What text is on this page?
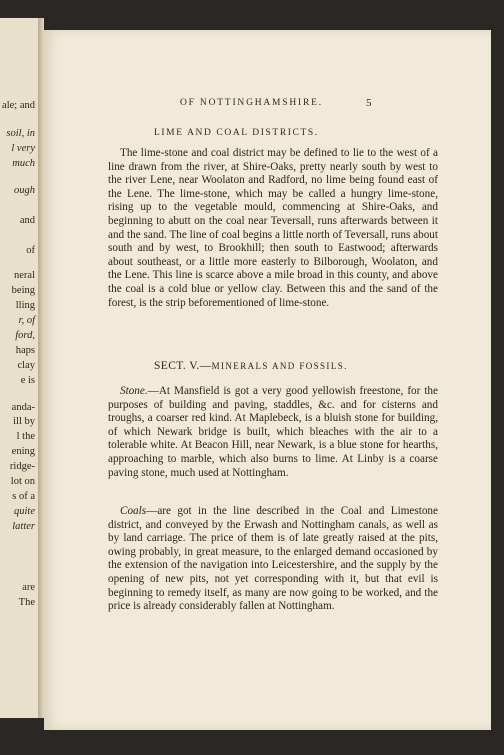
ale; and
soil, in
l very
much
ough
and
of
neral
being
lling
r, of
ford,
haps
clay
e is
anda-
ill by
l the
ening
ridge-
lot on
s of a
quite
latter
are
The
OF NOTTINGHAMSHIRE.	5
LIME AND COAL DISTRICTS.

The lime-stone and coal district may be defined to lie to the west of a line drawn from the river, at Shire-Oaks, pretty nearly south by west to the river Lene, near Woolaton and Radford, no lime being found east of the Lene. The lime-stone, which may be called a hungry lime-stone, rising up to the vegetable mould, commencing at Shire-Oaks, and beginning to abutt on the coal near Teversall, runs afterwards between it and the sand. The line of coal begins a little north of Teversall, runs about south and by west, to Brookhill; then south to Eastwood; afterwards about southeast, or a little more easterly to Bilborough, Woolaton, and the Lene. This line is scarce above a mile broad in this county, and above the coal is a cold blue or yellow clay. Between this and the sand of the forest, is the strip beforementioned of lime-stone.

SECT. V.—MINERALS AND FOSSILS.

Stone.—At Mansfield is got a very good yellowish freestone, for the purposes of building and paving, staddles, &c. and for cisterns and troughs, a coarser red kind. At Maplebeck, is a bluish stone for building, of which Newark bridge is built, which bleaches with the air to a tolerable white. At Beacon Hill, near Newark, is a blue stone for hearths, approaching to marble, which also burns to lime. At Linby is a coarse paving stone, much used at Nottingham.

Coals—are got in the line described in the Coal and Limestone district, and conveyed by the Erwash and Nottingham canals, as well as by land carriage. The price of them is of late greatly raised at the pits, owing probably, in great measure, to the enlarged demand occasioned by the extension of the navigation into Leicestershire, and the supply by the opening of new pits, not yet corresponding with it, but that evil is beginning to remedy itself, as many are now going to be worked, and the price is already considerably fallen at Nottingham.
